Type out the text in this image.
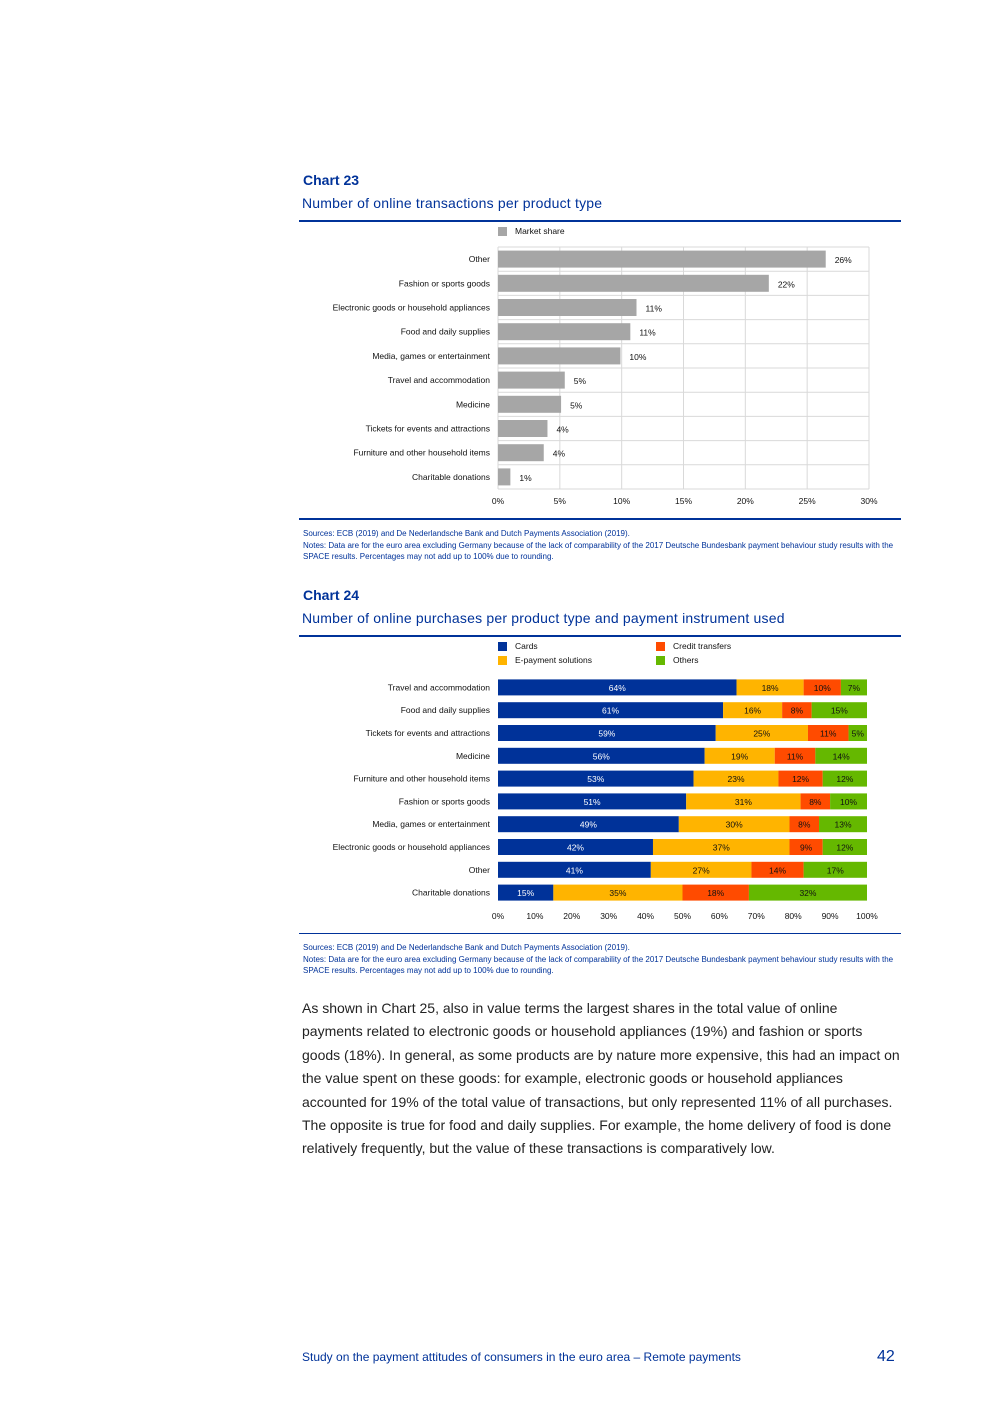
Chart 23
Number of online transactions per product type
Market share
0%	5%	10%	15%	20%	25%	30%
Other	26%
Fashion or sports goods	22%
Electronic goods or household appliances	11%
Food and daily supplies	11%
Media, games or entertainment	10%
Travel and accommodation	5%
Medicine	5%
Tickets for events and attractions	4%
Furniture and other household items	4%
Charitable donations	1%
Sources: ECB (2019) and De Nederlandsche Bank and Dutch Payments Association (2019).
Notes: Data are for the euro area excluding Germany because of the lack of comparability of the 2017 Deutsche Bundesbank payment behaviour study results with the SPACE results. Percentages may not add up to 100% due to rounding.
Chart 24
Number of online purchases per product type and payment instrument used
Cards	Credit transfers
E-payment solutions	Others
0%	10% 20% 30% 40% 50% 60% 70% 80% 90% 100%
Travel and accommodation	64%	18%	10% 7%
Food and daily supplies	61%	16%	8%	15%
Tickets for events and attractions	59%	25%	11% 5%
Medicine	56%	19%	11%	14%
Furniture and other household items	53%	23%	12%	12%
Fashion or sports goods	51%	31%	8% 10%
Media, games or entertainment	49%	30%	8%	13%
Electronic goods or household appliances	42%	37%	9%	12%
Other	41%	27%	14%	17%
Charitable donations	15%	35%	18%	32%
Sources: ECB (2019) and De Nederlandsche Bank and Dutch Payments Association (2019).
Notes: Data are for the euro area excluding Germany because of the lack of comparability of the 2017 Deutsche Bundesbank payment behaviour study results with the SPACE results. Percentages may not add up to 100% due to rounding.
As shown in Chart 25, also in value terms the largest shares in the total value of online payments related to electronic goods or household appliances (19%) and fashion or sports goods (18%). In general, as some products are by nature more expensive, this had an impact on the value spent on these goods: for example, electronic goods or household appliances accounted for 19% of the total value of transactions, but only represented 11% of all purchases. The opposite is true for food and daily supplies. For example, the home delivery of food is done relatively frequently, but the value of these transactions is comparatively low.
Study on the payment attitudes of consumers in the euro area – Remote payments	42
